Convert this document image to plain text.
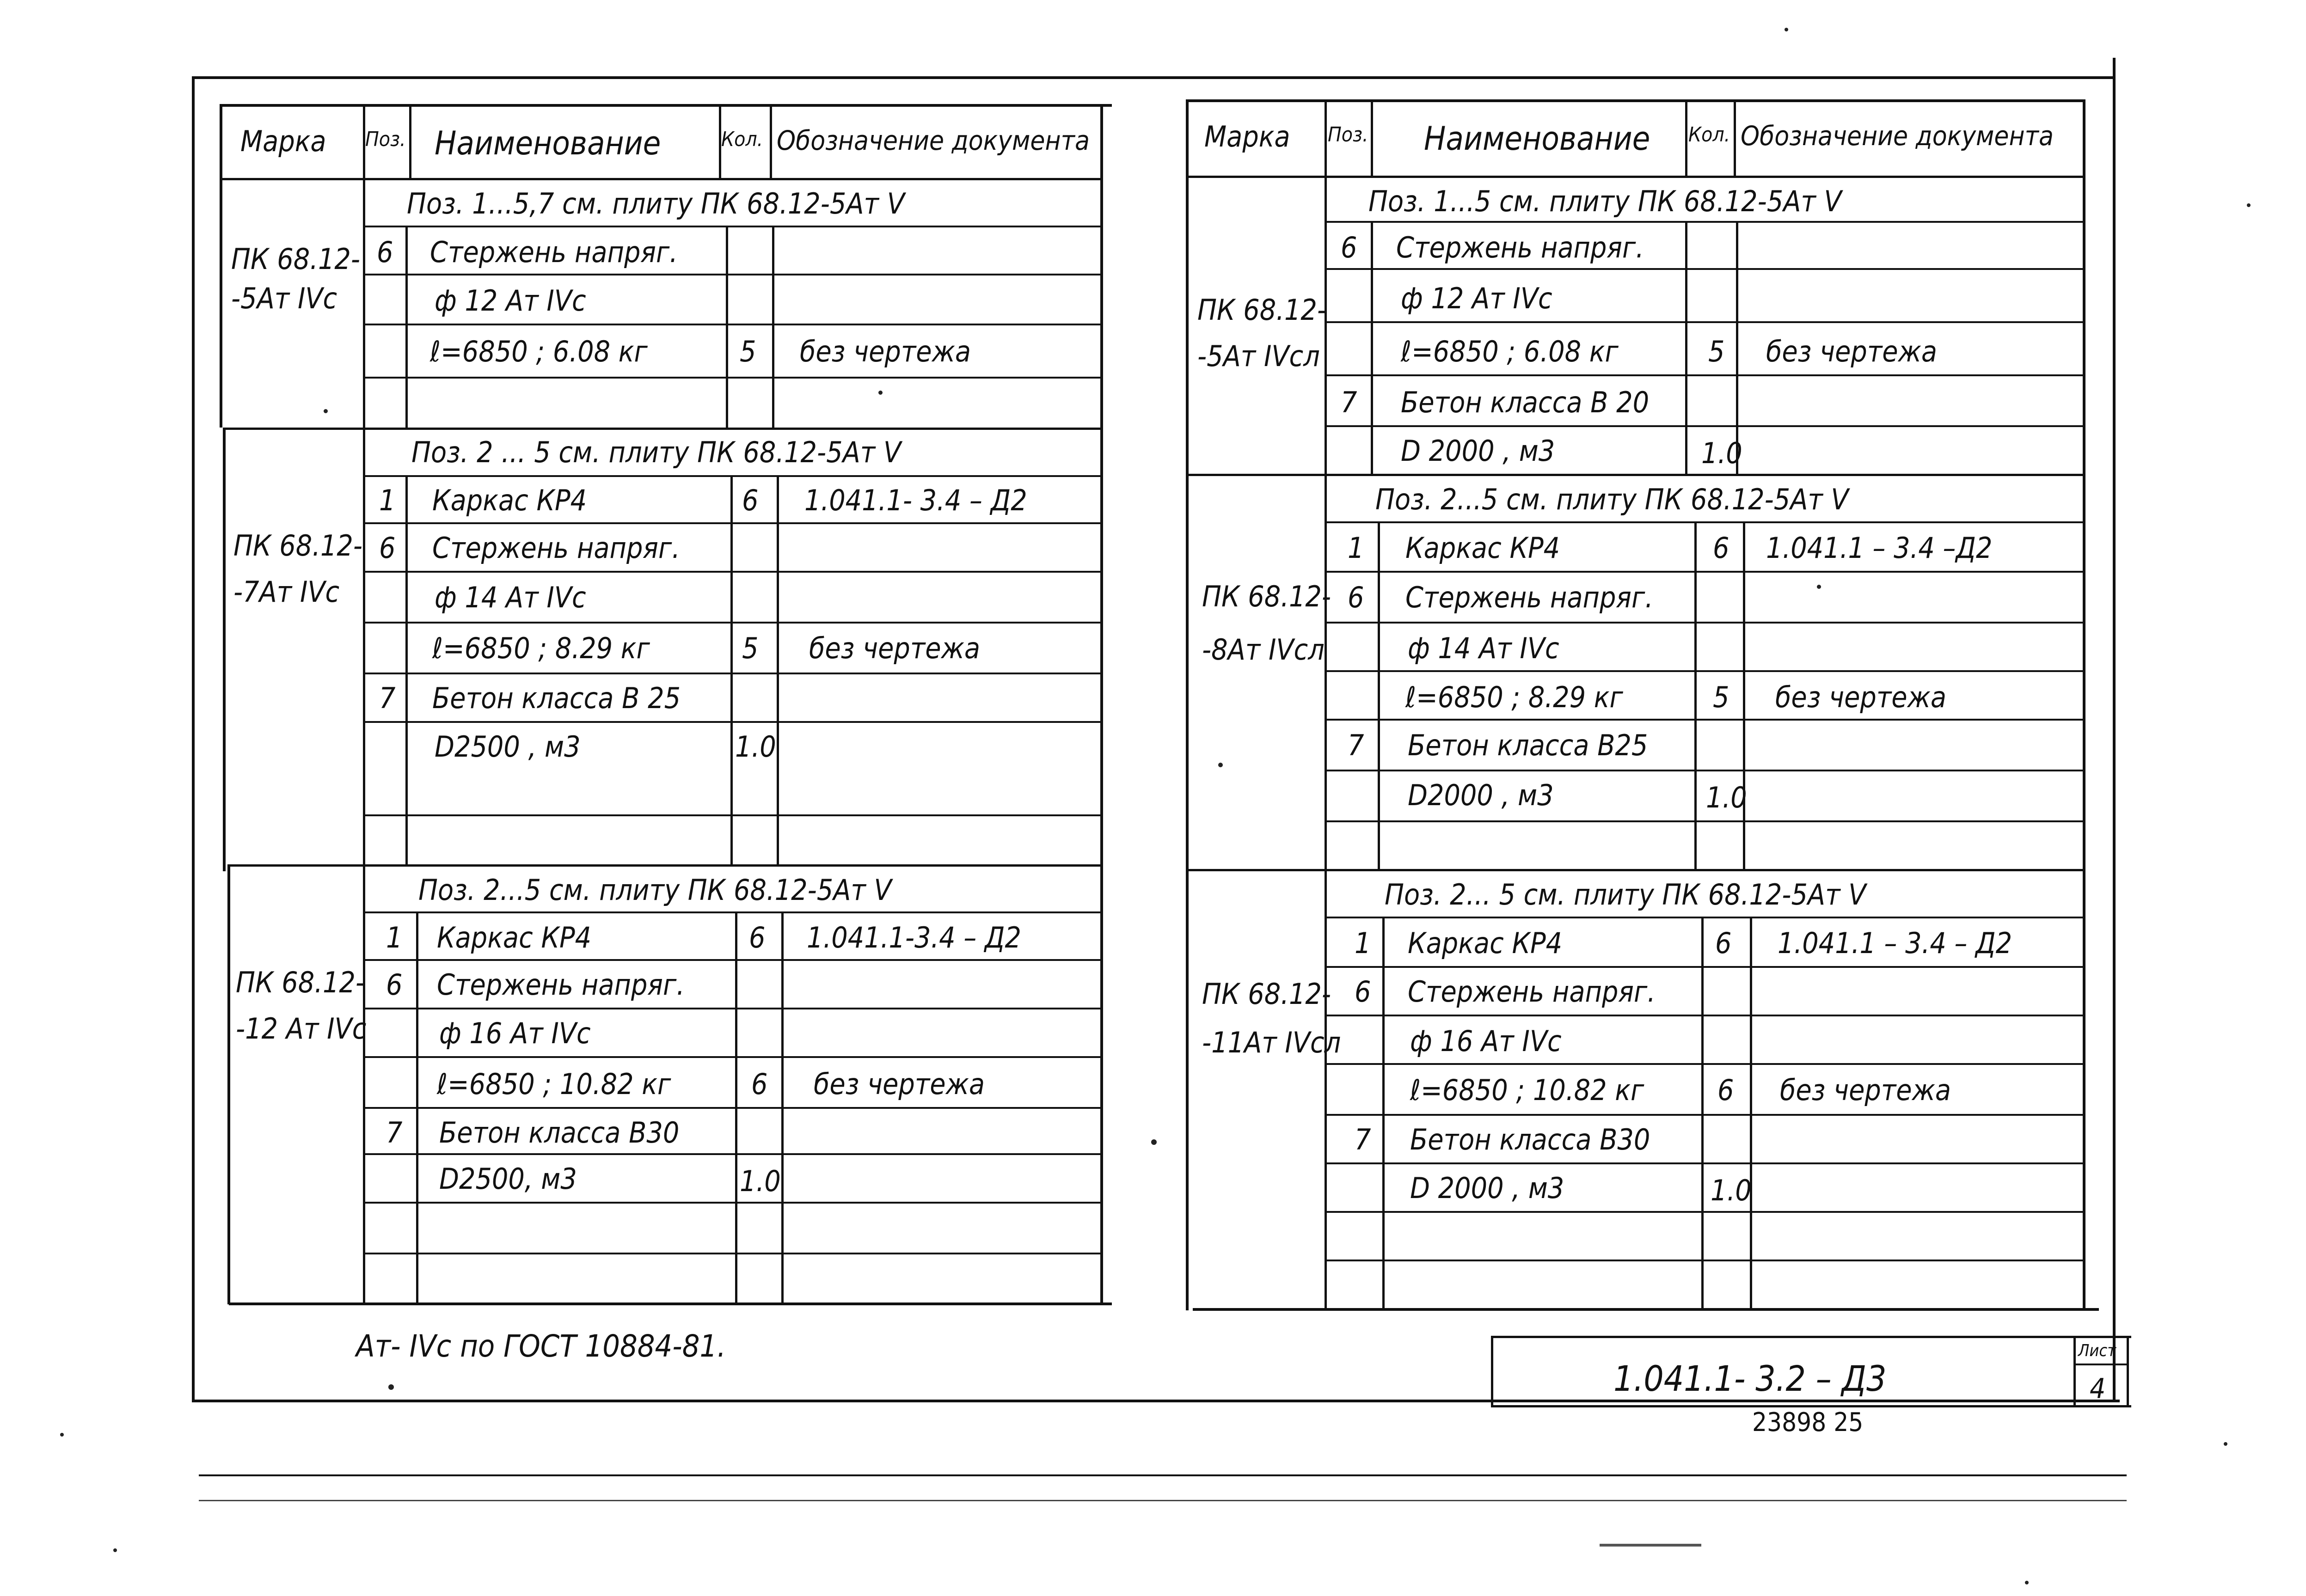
Марка Поз. Наименование	Кол. Обозначение документа
ПК 68.12-
-5Ат IVс
Поз. 1...5,7 см. плиту ПК 68.12-5Ат V
6 Стержень напряг.
ф 12 Ат IVс
ℓ=6850 ; 6.08 кг	5 без чертежа
ПК 68.12-
-7Ат IVс
Поз. 2 ... 5 см. плиту ПК 68.12-5Ат V
1 Каркас КР4	6 1.041.1- 3.4 – Д2
6 Стержень напряг.
ф 14 Ат IVс
ℓ=6850 ; 8.29 кг	5 без чертежа
7 Бетон класса В 25
D2500 , м3	1.0
ПК 68.12-
-12 Ат IVс
Поз. 2...5 см. плиту ПК 68.12-5Ат V
1 Каркас КР4	6 1.041.1-3.4 – Д2
6 Стержень напряг.
ф 16 Ат IVс
ℓ=6850 ; 10.82 кг	6 без чертежа
7 Бетон класса В30
D2500, м3	1.0
Марка Поз. Наименование Кол. Обозначение документа
ПК 68.12-
-5Ат IVсл
Поз. 1...5 см. плиту ПК 68.12-5Ат V
6 Стержень напряг.
ф 12 Ат IVс
ℓ=6850 ; 6.08 кг	5 без чертежа
7 Бетон класса В 20
D 2000 , м3	1.0
ПК 68.12-
-8Ат IVсл
Поз. 2...5 см. плиту ПК 68.12-5Ат V
1 Каркас КР4	6 1.041.1 – 3.4 –Д2
6 Стержень напряг.
ф 14 Ат IVс
ℓ=6850 ; 8.29 кг	5 без чертежа
7 Бетон класса В25
D2000 , м3	1.0
ПК 68.12-
-11Ат IVсл
Поз. 2... 5 см. плиту ПК 68.12-5Ат V
1 Каркас КР4	6 1.041.1 – 3.4 – Д2
6 Стержень напряг.
ф 16 Ат IVс
ℓ=6850 ; 10.82 кг	6 без чертежа
7 Бетон класса В30
D 2000 , м3	1.0
Ат- IVс по ГОСТ 10884-81.
1.041.1- 3.2 – Д3
Лист
4
23898 25
